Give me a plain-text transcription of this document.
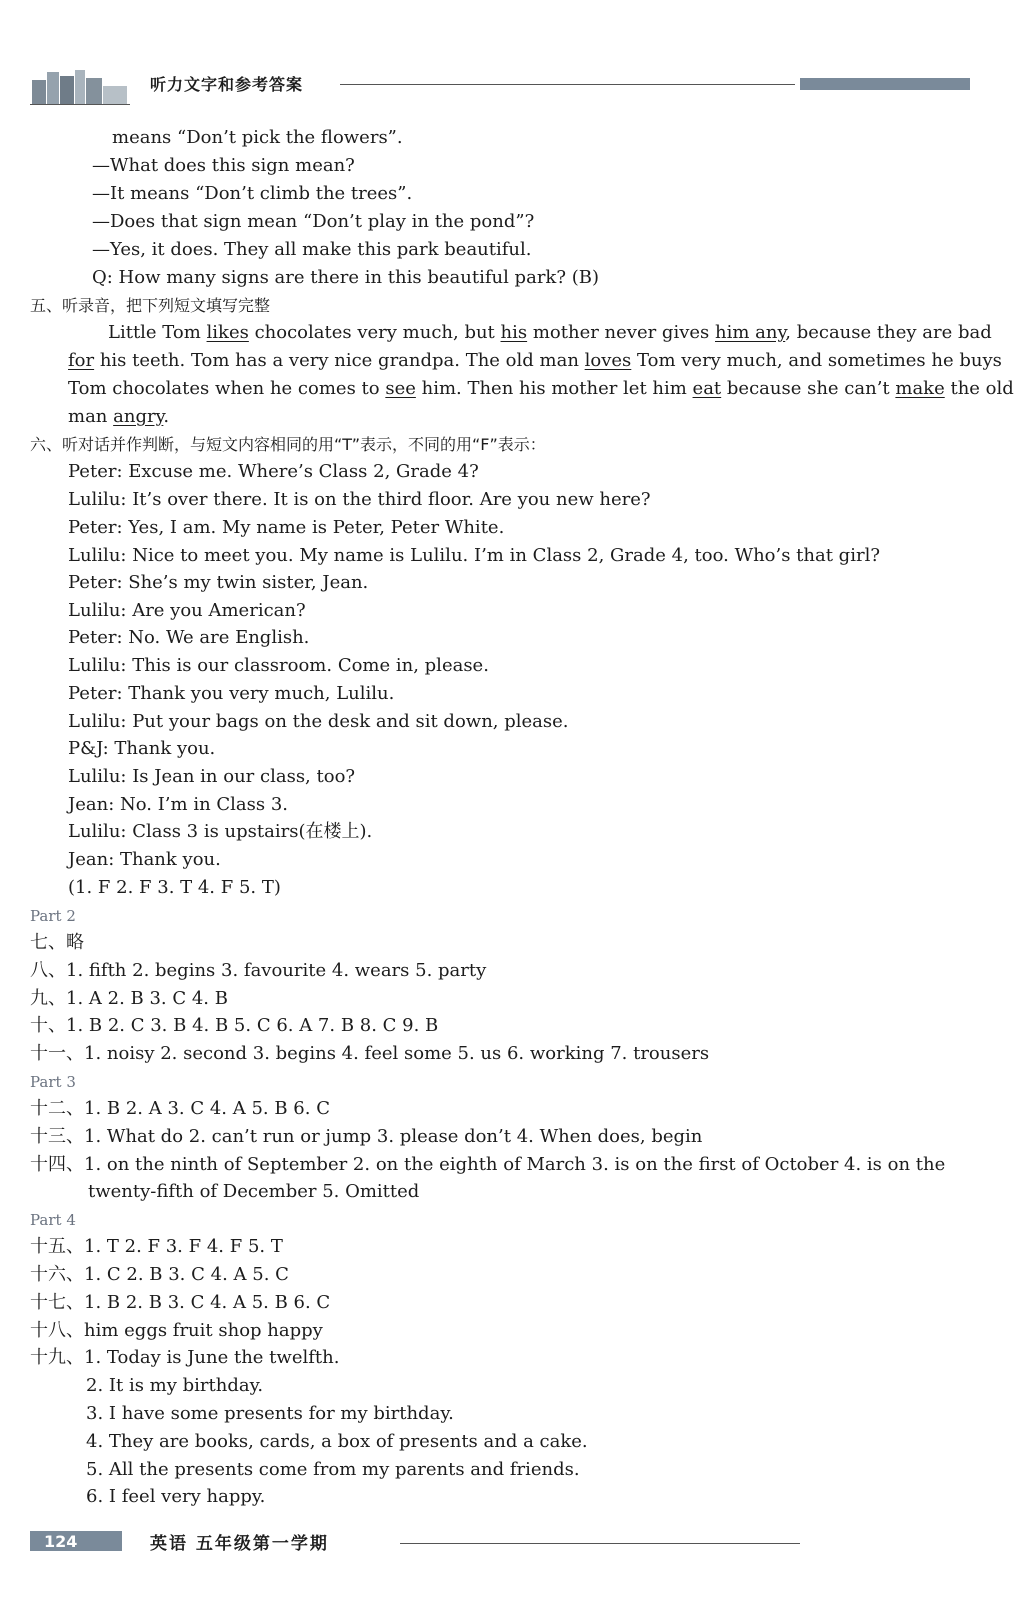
听力文字和参考答案
means “Don’t pick the flowers”.
—What does this sign mean?
—It means “Don’t climb the trees”.
—Does that sign mean “Don’t play in the pond”?
—Yes, it does. They all make this park beautiful.
Q: How many signs are there in this beautiful park? (B)
五、听录音，把下列短文填写完整
Little Tom likes chocolates very much, but his mother never gives him any, because they are bad
for his teeth. Tom has a very nice grandpa. The old man loves Tom very much, and sometimes he buys
Tom chocolates when he comes to see him. Then his mother let him eat because she can’t make the old
man angry.
六、听对话并作判断，与短文内容相同的用“T”表示，不同的用“F”表示：
Peter: Excuse me. Where’s Class 2, Grade 4?
Lulilu: It’s over there. It is on the third floor. Are you new here?
Peter: Yes, I am. My name is Peter, Peter White.
Lulilu: Nice to meet you. My name is Lulilu. I’m in Class 2, Grade 4, too. Who’s that girl?
Peter: She’s my twin sister, Jean.
Lulilu: Are you American?
Peter: No. We are English.
Lulilu: This is our classroom. Come in, please.
Peter: Thank you very much, Lulilu.
Lulilu: Put your bags on the desk and sit down, please.
P&J: Thank you.
Lulilu: Is Jean in our class, too?
Jean: No. I’m in Class 3.
Lulilu: Class 3 is upstairs(在楼上).
Jean: Thank you.
(1. F 2. F 3. T 4. F 5. T)
Part 2
七、略
八、1. fifth 2. begins 3. favourite 4. wears 5. party
九、1. A 2. B 3. C 4. B
十、1. B 2. C 3. B 4. B 5. C 6. A 7. B 8. C 9. B
十一、1. noisy 2. second 3. begins 4. feel some 5. us 6. working 7. trousers
Part 3
十二、1. B 2. A 3. C 4. A 5. B 6. C
十三、1. What do 2. can’t run or jump 3. please don’t 4. When does, begin
十四、1. on the ninth of September 2. on the eighth of March 3. is on the first of October 4. is on the
twenty-fifth of December 5. Omitted
Part 4
十五、1. T 2. F 3. F 4. F 5. T
十六、1. C 2. B 3. C 4. A 5. C
十七、1. B 2. B 3. C 4. A 5. B 6. C
十八、him eggs fruit shop happy
十九、1. Today is June the twelfth.
2. It is my birthday.
3. I have some presents for my birthday.
4. They are books, cards, a box of presents and a cake.
5. All the presents come from my parents and friends.
6. I feel very happy.
124	英语 五年级第一学期
